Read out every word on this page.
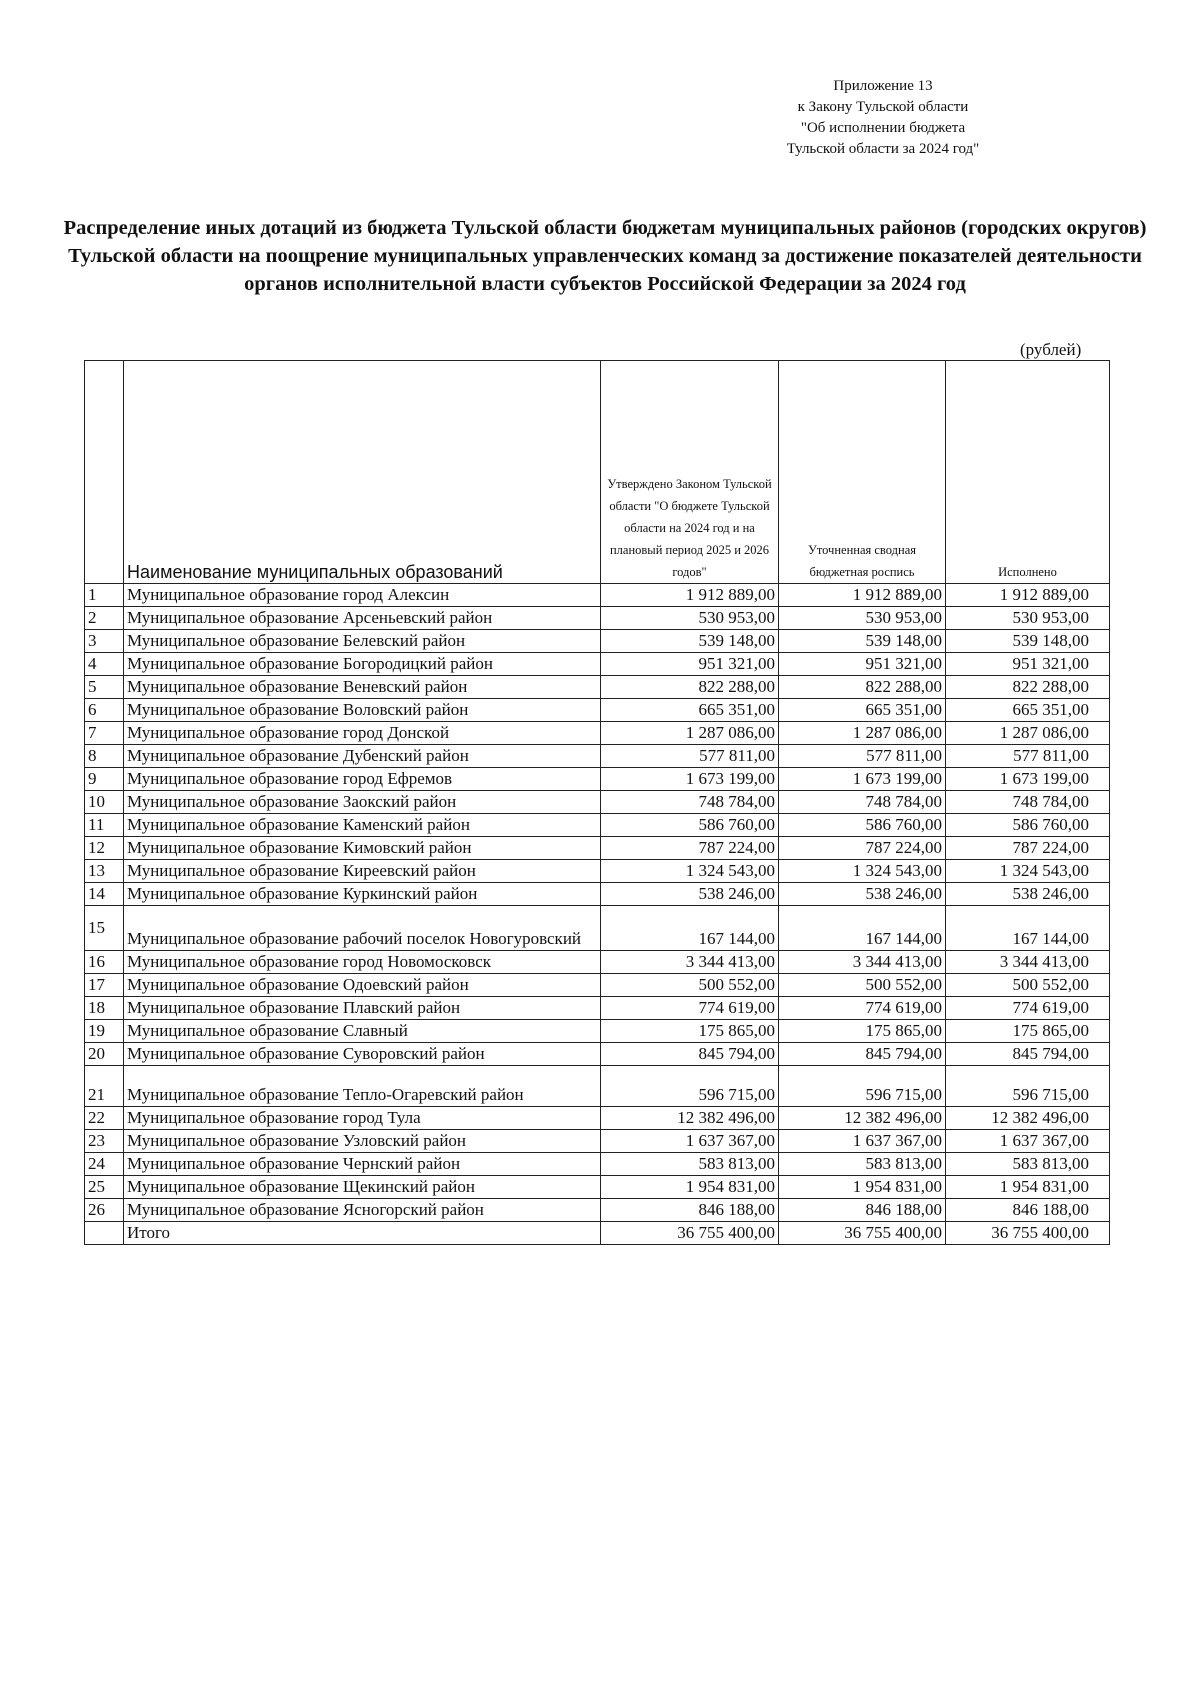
Приложение 13
к Закону Тульской области
"Об исполнении бюджета
Тульской области за 2024 год"
Распределение иных дотаций из бюджета Тульской области бюджетам муниципальных районов (городских округов) Тульской области на поощрение муниципальных управленческих команд за достижение показателей деятельности органов исполнительной власти субъектов Российской Федерации за 2024 год
(рублей)
	Наименование муниципальных образований	Утверждено Законом Тульской области "О бюджете Тульской области на 2024 год и на плановый период 2025 и 2026 годов"	Уточненная сводная бюджетная роспись	Исполнено
1	Муниципальное образование город Алексин	1 912 889,00	1 912 889,00	1 912 889,00
2	Муниципальное образование Арсеньевский район	530 953,00	530 953,00	530 953,00
3	Муниципальное образование Белевский район	539 148,00	539 148,00	539 148,00
4	Муниципальное образование Богородицкий район	951 321,00	951 321,00	951 321,00
5	Муниципальное образование Веневский район	822 288,00	822 288,00	822 288,00
6	Муниципальное образование Воловский район	665 351,00	665 351,00	665 351,00
7	Муниципальное образование город Донской	1 287 086,00	1 287 086,00	1 287 086,00
8	Муниципальное образование Дубенский район	577 811,00	577 811,00	577 811,00
9	Муниципальное образование город Ефремов	1 673 199,00	1 673 199,00	1 673 199,00
10	Муниципальное образование Заокский район	748 784,00	748 784,00	748 784,00
11	Муниципальное образование Каменский район	586 760,00	586 760,00	586 760,00
12	Муниципальное образование Кимовский район	787 224,00	787 224,00	787 224,00
13	Муниципальное образование Киреевский район	1 324 543,00	1 324 543,00	1 324 543,00
14	Муниципальное образование Куркинский район	538 246,00	538 246,00	538 246,00
15	Муниципальное образование рабочий поселок Новогуровский	167 144,00	167 144,00	167 144,00
16	Муниципальное образование город Новомосковск	3 344 413,00	3 344 413,00	3 344 413,00
17	Муниципальное образование Одоевский район	500 552,00	500 552,00	500 552,00
18	Муниципальное образование Плавский район	774 619,00	774 619,00	774 619,00
19	Муниципальное образование Славный	175 865,00	175 865,00	175 865,00
20	Муниципальное образование Суворовский район	845 794,00	845 794,00	845 794,00
21	Муниципальное образование Тепло-Огаревский район	596 715,00	596 715,00	596 715,00
22	Муниципальное образование город Тула	12 382 496,00	12 382 496,00	12 382 496,00
23	Муниципальное образование Узловский район	1 637 367,00	1 637 367,00	1 637 367,00
24	Муниципальное образование Чернский район	583 813,00	583 813,00	583 813,00
25	Муниципальное образование Щекинский район	1 954 831,00	1 954 831,00	1 954 831,00
26	Муниципальное образование Ясногорский район	846 188,00	846 188,00	846 188,00
	Итого	36 755 400,00	36 755 400,00	36 755 400,00
